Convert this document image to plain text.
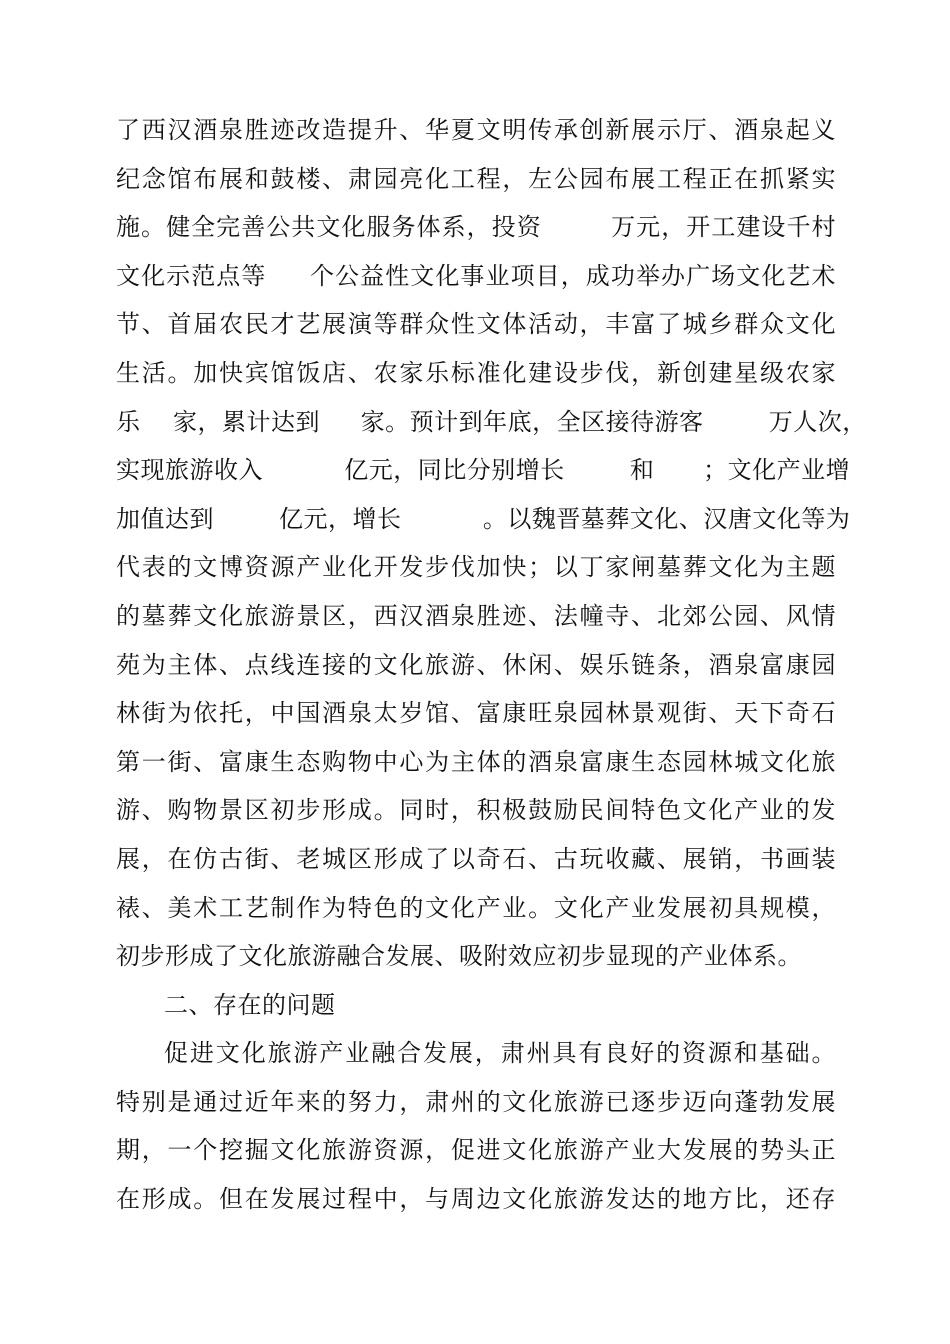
了西汉酒泉胜迹改造提升、华夏文明传承创新展示厅、酒泉起义
纪念馆布展和鼓楼、肃园亮化工程，左公园布展工程正在抓紧实
施。健全完善公共文化服务体系，投资        万元，开工建设千村
文化示范点等     个公益性文化事业项目，成功举办广场文化艺术
节、首届农民才艺展演等群众性文体活动，丰富了城乡群众文化
生活。加快宾馆饭店、农家乐标准化建设步伐，新创建星级农家
乐    家，累计达到     家。预计到年底，全区接待游客        万人次，
实现旅游收入          亿元，同比分别增长        和      ；文化产业增
加值达到        亿元，增长          。以魏晋墓葬文化、汉唐文化等为
代表的文博资源产业化开发步伐加快；以丁家闸墓葬文化为主题
的墓葬文化旅游景区，西汉酒泉胜迹、法幢寺、北郊公园、风情
苑为主体、点线连接的文化旅游、休闲、娱乐链条，酒泉富康园
林街为依托，中国酒泉太岁馆、富康旺泉园林景观街、天下奇石
第一街、富康生态购物中心为主体的酒泉富康生态园林城文化旅
游、购物景区初步形成。同时，积极鼓励民间特色文化产业的发
展，在仿古街、老城区形成了以奇石、古玩收藏、展销，书画装
裱、美术工艺制作为特色的文化产业。文化产业发展初具规模，
初步形成了文化旅游融合发展、吸附效应初步显现的产业体系。
二、存在的问题
促进文化旅游产业融合发展，肃州具有良好的资源和基础。
特别是通过近年来的努力，肃州的文化旅游已逐步迈向蓬勃发展
期，一个挖掘文化旅游资源，促进文化旅游产业大发展的势头正
在形成。但在发展过程中，与周边文化旅游发达的地方比，还存
